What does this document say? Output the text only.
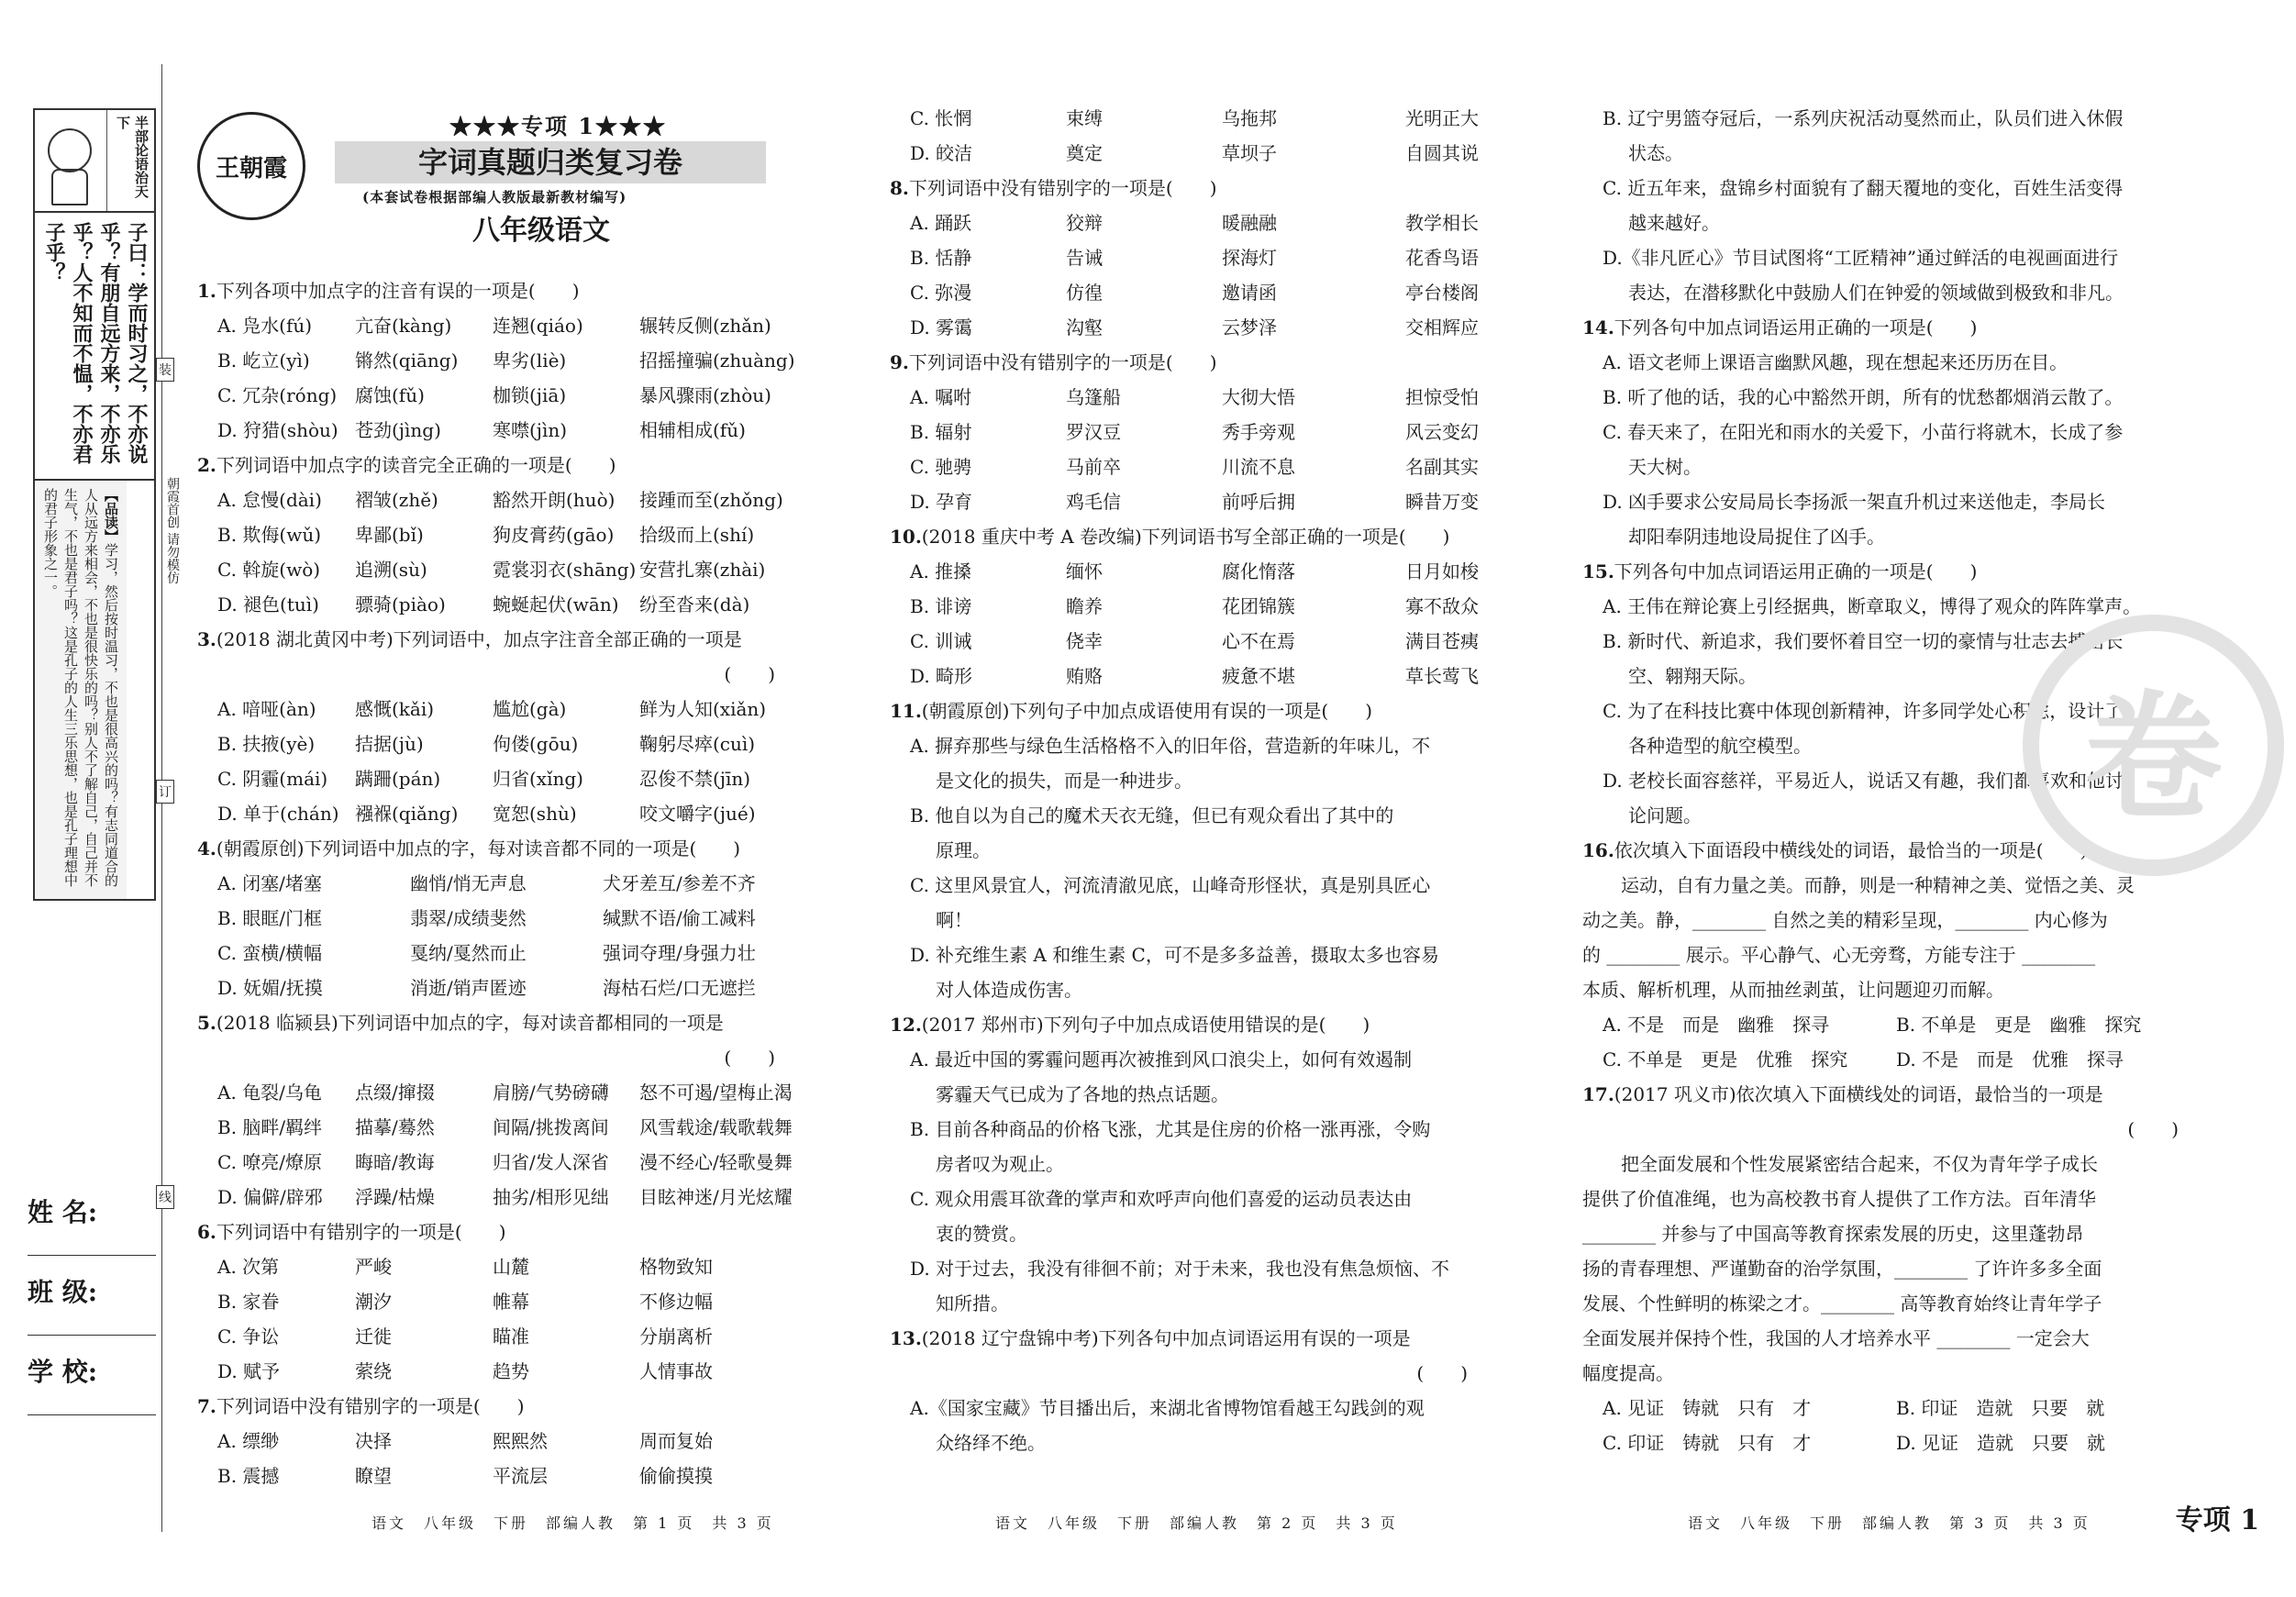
半部论语治天下
子曰：学而时习之，不亦说乎？有朋自远方来，不亦乐乎？人不知而不愠，不亦君子乎？
【品读】学习，然后按时温习，不也是很高兴的吗？有志同道合的人从远方来相会，不也是很快乐的吗？别人不了解自己，自己并不生气，不也是君子吗？这是孔子的人生三乐思想，也是孔子理想中的君子形象之一。	朝霞首创 请勿模仿
装
订
线
姓 名:
班 级:
学 校:
王朝霞
★★★专项 1★★★
字词真题归类复习卷
(本套试卷根据部编人教版最新教材编写)
八年级语文
1.下列各项中加点字的注音有误的一项是(　　)
A. 凫水(fú)	亢奋(kàng)	连翘(qiáo)	辗转反侧(zhǎn)
B. 屹立(yì)	锵然(qiāng)	卑劣(liè)	招摇撞骗(zhuàng)
C. 冗杂(róng) 腐蚀(fǔ)	枷锁(jiā)	暴风骤雨(zhòu)
D. 狩猎(shòu) 苍劲(jìng)	寒噤(jìn)	相辅相成(fǔ)
2.下列词语中加点字的读音完全正确的一项是(　　)
A. 怠慢(dài)	褶皱(zhě)	豁然开朗(huò)	接踵而至(zhǒng)
B. 欺侮(wǔ)	卑鄙(bǐ)	狗皮膏药(gāo)	拾级而上(shí)
C. 斡旋(wò)	追溯(sù)	霓裳羽衣(shāng) 安营扎寨(zhài)
D. 褪色(tuì)	骠骑(piào)	蜿蜒起伏(wān)	纷至沓来(dà)
3.(2018 湖北黄冈中考)下列词语中，加点字注音全部正确的一项是
(　　)
A. 喑哑(àn)	感慨(kǎi)	尴尬(gà)	鲜为人知(xiǎn)
B. 扶掖(yè)	拮据(jù)	佝偻(gōu)	鞠躬尽瘁(cuì)
C. 阴霾(mái)	蹒跚(pán)	归省(xǐng)	忍俊不禁(jīn)
D. 单于(chán) 襁褓(qiǎng)	宽恕(shù)	咬文嚼字(jué)
4.(朝霞原创)下列词语中加点的字，每对读音都不同的一项是(　　)
A. 闭塞/堵塞	幽悄/悄无声息	犬牙差互/参差不齐
B. 眼眶/门框	翡翠/成绩斐然	缄默不语/偷工减料
C. 蛮横/横幅	戛纳/戛然而止	强词夺理/身强力壮
D. 妩媚/抚摸	消逝/销声匿迹	海枯石烂/口无遮拦
5.(2018 临颍县)下列词语中加点的字，每对读音都相同的一项是
(　　)
A. 龟裂/乌龟	点缀/撺掇	肩膀/气势磅礴	怒不可遏/望梅止渴
B. 脑畔/羁绊	描摹/蓦然	间隔/挑拨离间	风雪载途/载歌载舞
C. 嘹亮/燎原	晦暗/教诲	归省/发人深省	漫不经心/轻歌曼舞
D. 偏僻/辟邪	浮躁/枯燥	抽劣/相形见绌	目眩神迷/月光炫耀
6.下列词语中有错别字的一项是(　　)
A. 次第	严峻	山麓	格物致知
B. 家眷	潮汐	帷幕	不修边幅
C. 争讼	迁徙	瞄准	分崩离析
D. 赋予	萦绕	趋势	人情事故
7.下列词语中没有错别字的一项是(　　)
A. 缥缈	决择	熙熙然	周而复始
B. 震撼	瞭望	平流层	偷偷摸摸
语文　八年级　下册　部编人教　第 1 页　共 3 页
C. 怅惘	束缚	乌拖邦	光明正大
D. 皎洁	奠定	草坝子	自圆其说
8.下列词语中没有错别字的一项是(　　)
A. 踊跃	狡辩	暖融融	教学相长
B. 恬静	告诫	探海灯	花香鸟语
C. 弥漫	仿徨	邀请函	亭台楼阁
D. 雾霭	沟壑	云梦泽	交相辉应
9.下列词语中没有错别字的一项是(　　)
A. 嘱咐	乌篷船	大彻大悟	担惊受怕
B. 辐射	罗汉豆	秀手旁观	风云变幻
C. 驰骋	马前卒	川流不息	名副其实
D. 孕育	鸡毛信	前呼后拥	瞬昔万变
10.(2018 重庆中考 A 卷改编)下列词语书写全部正确的一项是(　　)
A. 推搡	缅怀	腐化惰落	日月如梭
B. 诽谤	瞻养	花团锦簇	寡不敌众
C. 训诫	侥幸	心不在焉	满目苍痍
D. 畸形	贿赂	疲惫不堪	草长莺飞
11.(朝霞原创)下列句子中加点成语使用有误的一项是(　　)
A. 摒弃那些与绿色生活格格不入的旧年俗，营造新的年味儿，不
是文化的损失，而是一种进步。
B. 他自以为自己的魔术天衣无缝，但已有观众看出了其中的
原理。
C. 这里风景宜人，河流清澈见底，山峰奇形怪状，真是别具匠心
啊！
D. 补充维生素 A 和维生素 C，可不是多多益善，摄取太多也容易
对人体造成伤害。
12.(2017 郑州市)下列句子中加点成语使用错误的是(　　)
A. 最近中国的雾霾问题再次被推到风口浪尖上，如何有效遏制
雾霾天气已成为了各地的热点话题。
B. 目前各种商品的价格飞涨，尤其是住房的价格一涨再涨，令购
房者叹为观止。
C. 观众用震耳欲聋的掌声和欢呼声向他们喜爱的运动员表达由
衷的赞赏。
D. 对于过去，我没有徘徊不前；对于未来，我也没有焦急烦恼、不
知所措。
13.(2018 辽宁盘锦中考)下列各句中加点词语运用有误的一项是
(　　)
A.《国家宝藏》节目播出后，来湖北省博物馆看越王勾践剑的观
众络绎不绝。
语文　八年级　下册　部编人教　第 2 页　共 3 页
B. 辽宁男篮夺冠后，一系列庆祝活动戛然而止，队员们进入休假
状态。
C. 近五年来，盘锦乡村面貌有了翻天覆地的变化，百姓生活变得
越来越好。
D.《非凡匠心》节目试图将“工匠精神”通过鲜活的电视画面进行
表达，在潜移默化中鼓励人们在钟爱的领域做到极致和非凡。
14.下列各句中加点词语运用正确的一项是(　　)
A. 语文老师上课语言幽默风趣，现在想起来还历历在目。
B. 听了他的话，我的心中豁然开朗，所有的忧愁都烟消云散了。
C. 春天来了，在阳光和雨水的关爱下，小苗行将就木，长成了参
天大树。
D. 凶手要求公安局局长李扬派一架直升机过来送他走，李局长
却阳奉阴违地设局捉住了凶手。
15.下列各句中加点词语运用正确的一项是(　　)
A. 王伟在辩论赛上引经据典，断章取义，博得了观众的阵阵掌声。
B. 新时代、新追求，我们要怀着目空一切的豪情与壮志去搏击长
空、翱翔天际。
C. 为了在科技比赛中体现创新精神，许多同学处心积虑，设计了
各种造型的航空模型。
D. 老校长面容慈祥，平易近人，说话又有趣，我们都喜欢和他讨
论问题。
16.依次填入下面语段中横线处的词语，最恰当的一项是(　　)
运动，自有力量之美。而静，则是一种精神之美、觉悟之美、灵
动之美。静，________ 自然之美的精彩呈现，________ 内心修为
的 ________ 展示。平心静气、心无旁骛，方能专注于 ________
本质、解析机理，从而抽丝剥茧，让问题迎刃而解。
A. 不是　而是　幽雅　探寻	B. 不单是　更是　幽雅　探究
C. 不单是　更是　优雅　探究	D. 不是　而是　优雅　探寻
17.(2017 巩义市)依次填入下面横线处的词语，最恰当的一项是
(　　)
把全面发展和个性发展紧密结合起来，不仅为青年学子成长
提供了价值准绳，也为高校教书育人提供了工作方法。百年清华
________ 并参与了中国高等教育探索发展的历史，这里蓬勃昂
扬的青春理想、严谨勤奋的治学氛围，________ 了许许多多全面
发展、个性鲜明的栋梁之才。________ 高等教育始终让青年学子
全面发展并保持个性，我国的人才培养水平 ________ 一定会大
幅度提高。
A. 见证　铸就　只有　才	B. 印证　造就　只要　就
C. 印证　铸就　只有　才	D. 见证　造就　只要　就
语文　八年级　下册　部编人教　第 3 页　共 3 页	专项 1
卷
